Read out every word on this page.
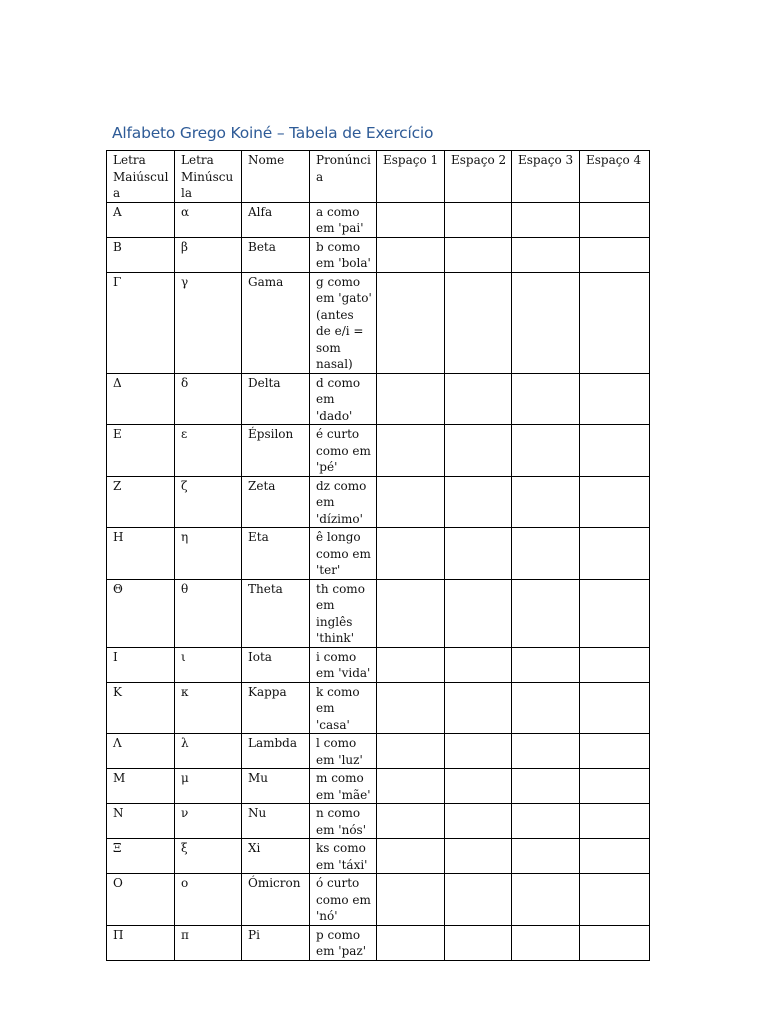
Alfabeto Grego Koiné – Tabela de Exercício
Letra Maiúscula	Letra Minúscula	Nome	Pronúncia	Espaço 1	Espaço 2	Espaço 3	Espaço 4
Α	α	Alfa	a como em 'pai'				
Β	β	Beta	b como em 'bola'				
Γ	γ	Gama	g como em 'gato' (antes de e/i = som nasal)				
Δ	δ	Delta	d como em 'dado'				
Ε	ε	Épsilon	é curto como em 'pé'				
Ζ	ζ	Zeta	dz como em 'dízimo'				
Η	η	Eta	ê longo como em 'ter'				
Θ	θ	Theta	th como em inglês 'think'				
Ι	ι	Iota	i como em 'vida'				
Κ	κ	Kappa	k como em 'casa'				
Λ	λ	Lambda	l como em 'luz'				
Μ	μ	Mu	m como em 'mãe'				
Ν	ν	Nu	n como em 'nós'				
Ξ	ξ	Xi	ks como em 'táxi'				
Ο	ο	Ómicron	ó curto como em 'nó'				
Π	π	Pi	p como em 'paz'				
